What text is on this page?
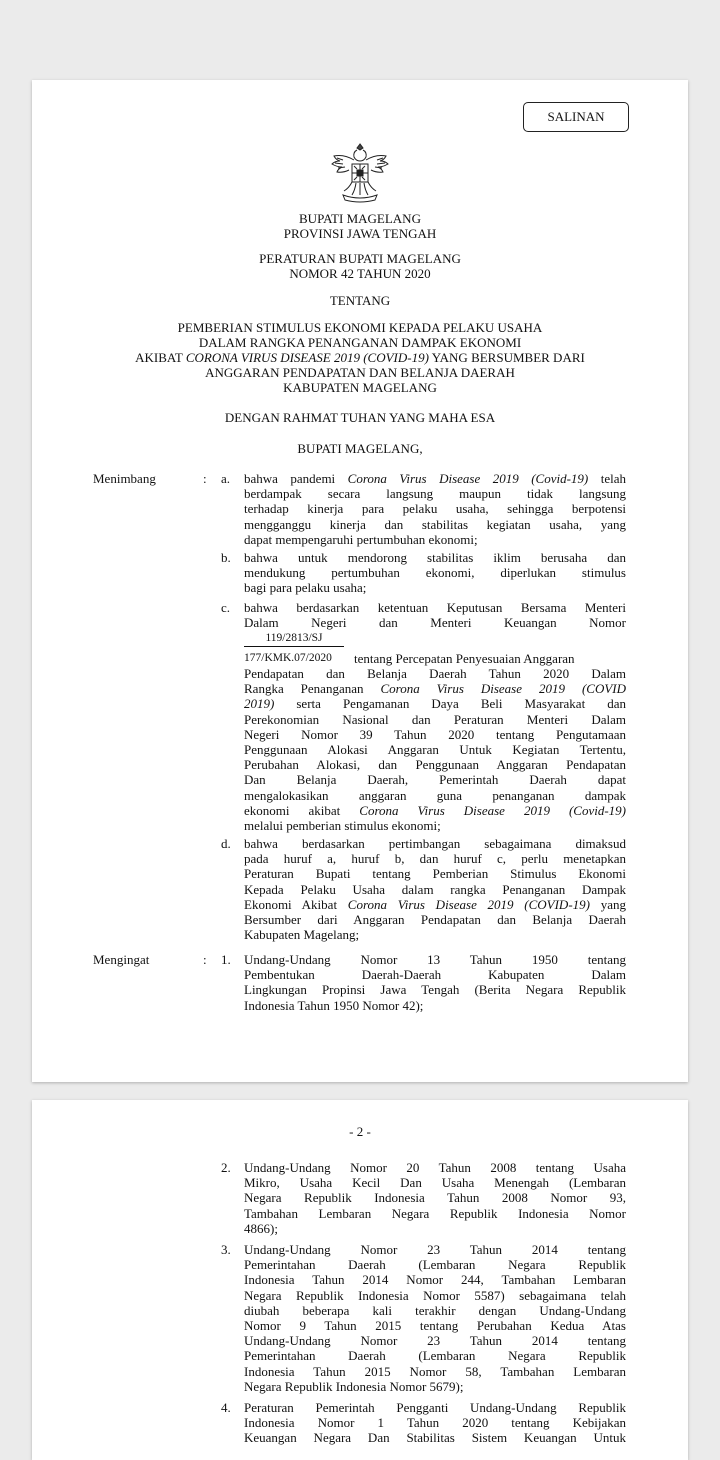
SALINAN
BUPATI MAGELANG
PROVINSI JAWA TENGAH
PERATURAN BUPATI MAGELANG
NOMOR 42 TAHUN 2020
TENTANG
PEMBERIAN STIMULUS EKONOMI KEPADA PELAKU USAHA
DALAM RANGKA PENANGANAN DAMPAK EKONOMI
AKIBAT CORONA VIRUS DISEASE 2019 (COVID-19) YANG BERSUMBER DARI
ANGGARAN PENDAPATAN DAN BELANJA DAERAH
KABUPATEN MAGELANG
DENGAN RAHMAT TUHAN YANG MAHA ESA
BUPATI MAGELANG,
Menimbang	: a. bahwa pandemi Corona Virus Disease 2019 (Covid-19) telah
berdampak secara langsung maupun tidak langsung
terhadap kinerja para pelaku usaha, sehingga berpotensi
mengganggu kinerja dan stabilitas kegiatan usaha, yang
dapat mempengaruhi pertumbuhan ekonomi;
b. bahwa untuk mendorong stabilitas iklim berusaha dan
mendukung pertumbuhan ekonomi, diperlukan stimulus
bagi para pelaku usaha;
c. bahwa berdasarkan ketentuan Keputusan Bersama Menteri
Dalam Negeri dan Menteri Keuangan Nomor
119/2813/SJ
177/KMK.07/2020 tentang Percepatan Penyesuaian Anggaran
Pendapatan dan Belanja Daerah Tahun 2020 Dalam
Rangka Penanganan Corona Virus Disease 2019 (COVID
2019) serta Pengamanan Daya Beli Masyarakat dan
Perekonomian Nasional dan Peraturan Menteri Dalam
Negeri Nomor 39 Tahun 2020 tentang Pengutamaan
Penggunaan Alokasi Anggaran Untuk Kegiatan Tertentu,
Perubahan Alokasi, dan Penggunaan Anggaran Pendapatan
Dan Belanja Daerah, Pemerintah Daerah dapat
mengalokasikan anggaran guna penanganan dampak
ekonomi akibat Corona Virus Disease 2019 (Covid-19)
melalui pemberian stimulus ekonomi;
d. bahwa berdasarkan pertimbangan sebagaimana dimaksud
pada huruf a, huruf b, dan huruf c, perlu menetapkan
Peraturan Bupati tentang Pemberian Stimulus Ekonomi
Kepada Pelaku Usaha dalam rangka Penanganan Dampak
Ekonomi Akibat Corona Virus Disease 2019 (COVID-19) yang
Bersumber dari Anggaran Pendapatan dan Belanja Daerah
Kabupaten Magelang;
Mengingat	: 1. Undang-Undang Nomor 13 Tahun 1950 tentang
Pembentukan Daerah-Daerah Kabupaten Dalam
Lingkungan Propinsi Jawa Tengah (Berita Negara Republik
Indonesia Tahun 1950 Nomor 42);
- 2 -
2. Undang-Undang Nomor 20 Tahun 2008 tentang Usaha
Mikro, Usaha Kecil Dan Usaha Menengah (Lembaran
Negara Republik Indonesia Tahun 2008 Nomor 93,
Tambahan Lembaran Negara Republik Indonesia Nomor
4866);
3. Undang-Undang Nomor 23 Tahun 2014 tentang
Pemerintahan Daerah (Lembaran Negara Republik
Indonesia Tahun 2014 Nomor 244, Tambahan Lembaran
Negara Republik Indonesia Nomor 5587) sebagaimana telah
diubah beberapa kali terakhir dengan Undang-Undang
Nomor 9 Tahun 2015 tentang Perubahan Kedua Atas
Undang-Undang Nomor 23 Tahun 2014 tentang
Pemerintahan Daerah (Lembaran Negara Republik
Indonesia Tahun 2015 Nomor 58, Tambahan Lembaran
Negara Republik Indonesia Nomor 5679);
4. Peraturan Pemerintah Pengganti Undang-Undang Republik
Indonesia Nomor 1 Tahun 2020 tentang Kebijakan
Keuangan Negara Dan Stabilitas Sistem Keuangan Untuk
